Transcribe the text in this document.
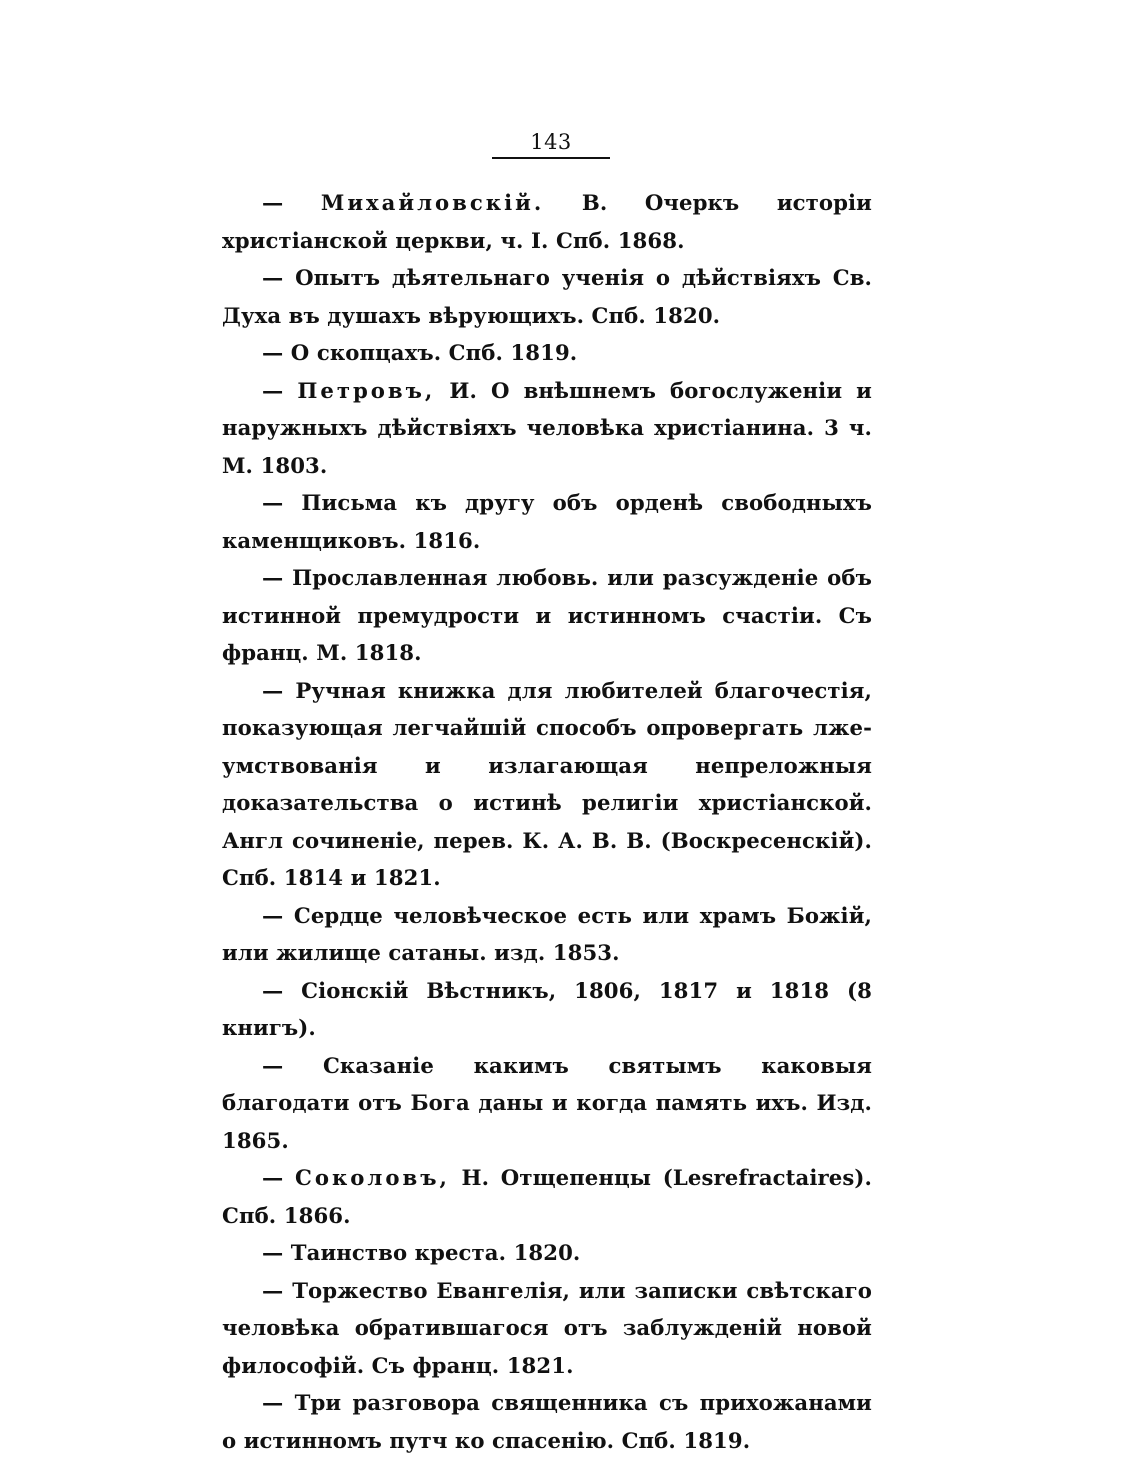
143

— Михайловскій. В. Очеркъ исторіи христіанской церкви, ч. I. Спб. 1868.

— Опытъ дѣятельнаго ученія о дѣйствіяхъ Св. Духа въ душахъ вѣрующихъ. Спб. 1820.

— О скопцахъ. Спб. 1819.

— Петровъ, И. О внѣшнемъ богослуженіи и наружныхъ дѣйствіяхъ человѣка христіанина. 3 ч. М. 1803.

— Письма къ другу объ орденѣ свободныхъ каменщиковъ. 1816.

— Прославленная любовь. или разсужденіе объ истинной премудрости и истинномъ счастіи. Съ франц. М. 1818.

— Ручная книжка для любителей благочестія, показующая легчайшій способъ опровергать лже-умствованія и излагающая непреложныя доказательства о истинѣ религіи христіанской. Англ сочиненіе, перев. К. А. В. В. (Воскресенскій). Спб. 1814 и 1821.

— Сердце человѣческое есть или храмъ Божій, или жилище сатаны. изд. 1853.

— Сіонскій Вѣстникъ, 1806, 1817 и 1818 (8 книгъ).

— Сказаніе какимъ святымъ каковыя благодати отъ Бога даны и когда память ихъ. Изд. 1865.

— Соколовъ, Н. Отщепенцы (Lesrefractaires). Спб. 1866.

— Таинство креста. 1820.

— Торжество Евангелія, или записки свѣтскаго человѣка обратившагося отъ заблужденій новой философій. Съ франц. 1821.

— Три разговора священника съ прихожанами о истинномъ путч ко спасенію. Спб. 1819.
